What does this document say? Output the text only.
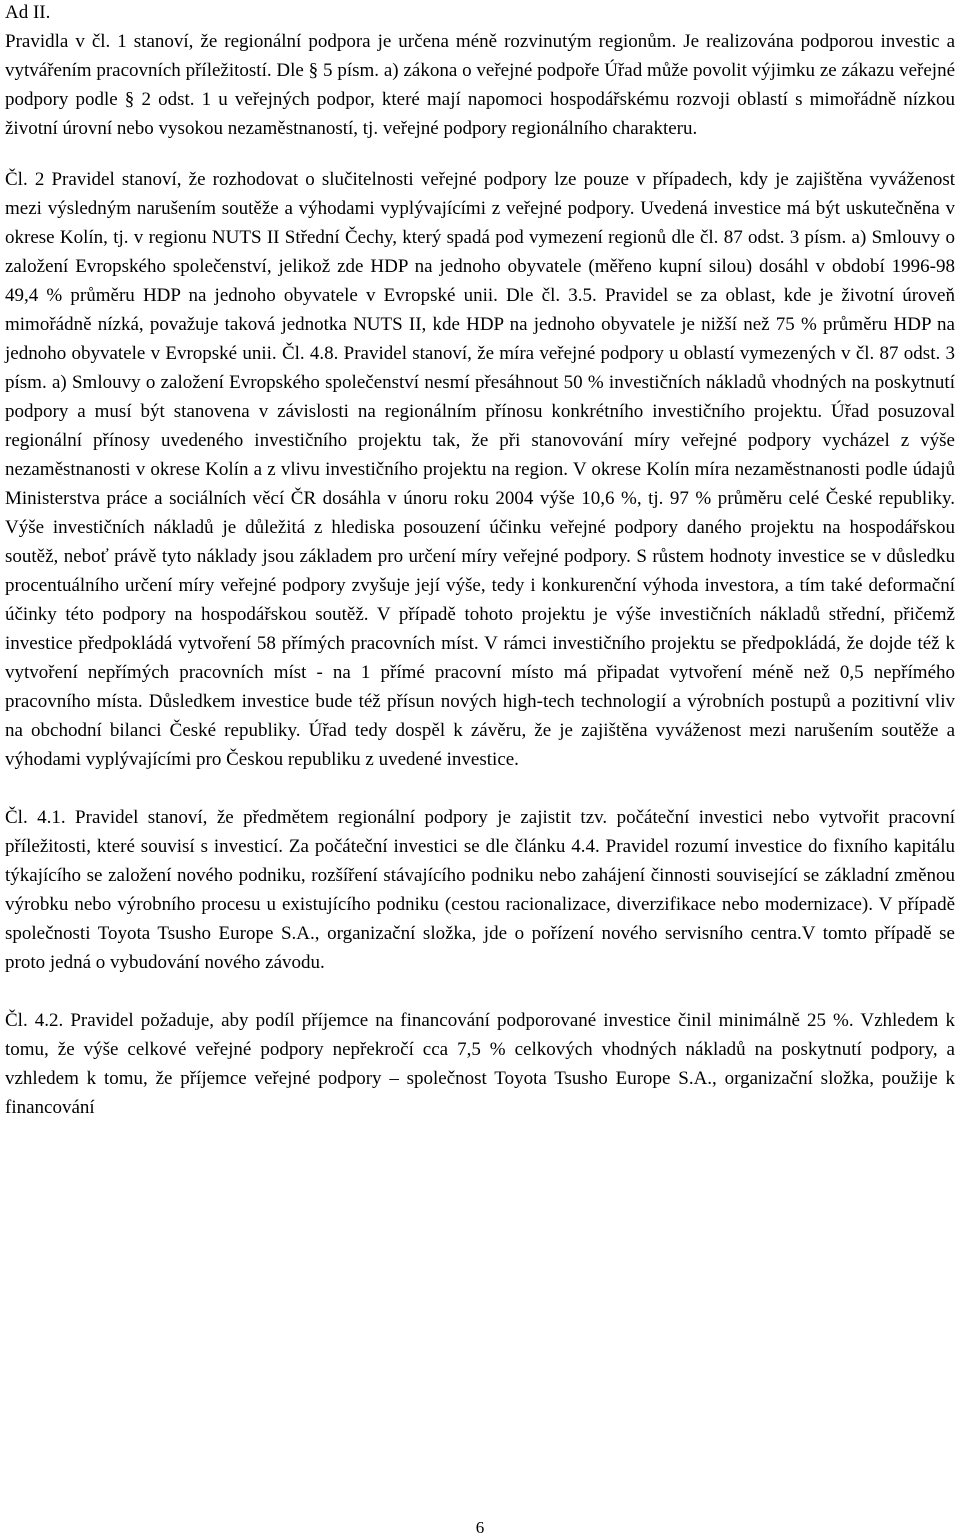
Ad II.

Pravidla v čl. 1 stanoví, že regionální podpora je určena méně rozvinutým regionům. Je realizována podporou investic a vytvářením pracovních příležitostí. Dle § 5 písm. a) zákona o veřejné podpoře Úřad může povolit výjimku ze zákazu veřejné podpory podle § 2 odst. 1 u veřejných podpor, které mají napomoci hospodářskému rozvoji oblastí s mimořádně nízkou životní úrovní nebo vysokou nezaměstnaností, tj. veřejné podpory regionálního charakteru.

Čl. 2 Pravidel stanoví, že rozhodovat o slučitelnosti veřejné podpory lze pouze v případech, kdy je zajištěna vyváženost mezi výsledným narušením soutěže a výhodami vyplývajícími z veřejné podpory. Uvedená investice má být uskutečněna v okrese Kolín, tj. v regionu NUTS II Střední Čechy, který spadá pod vymezení regionů dle čl. 87 odst. 3 písm. a) Smlouvy o založení Evropského společenství, jelikož zde HDP na jednoho obyvatele (měřeno kupní silou) dosáhl v období 1996-98 49,4 % průměru HDP na jednoho obyvatele v Evropské unii. Dle čl. 3.5. Pravidel se za oblast, kde je životní úroveň mimořádně nízká, považuje taková jednotka NUTS II, kde HDP na jednoho obyvatele je nižší než 75 % průměru HDP na jednoho obyvatele v Evropské unii. Čl. 4.8. Pravidel stanoví, že míra veřejné podpory u oblastí vymezených v čl. 87 odst. 3 písm. a) Smlouvy o založení Evropského společenství nesmí přesáhnout 50 % investičních nákladů vhodných na poskytnutí podpory a musí být stanovena v závislosti na regionálním přínosu konkrétního investičního projektu. Úřad posuzoval regionální přínosy uvedeného investičního projektu tak, že při stanovování míry veřejné podpory vycházel z výše nezaměstnanosti v okrese Kolín a z vlivu investičního projektu na region. V okrese Kolín míra nezaměstnanosti podle údajů Ministerstva práce a sociálních věcí ČR dosáhla v únoru roku 2004 výše 10,6 %, tj. 97 % průměru celé České republiky. Výše investičních nákladů je důležitá z hlediska posouzení účinku veřejné podpory daného projektu na hospodářskou soutěž, neboť právě tyto náklady jsou základem pro určení míry veřejné podpory. S růstem hodnoty investice se v důsledku procentuálního určení míry veřejné podpory zvyšuje její výše, tedy i konkurenční výhoda investora, a tím také deformační účinky této podpory na hospodářskou soutěž. V případě tohoto projektu je výše investičních nákladů střední, přičemž investice předpokládá vytvoření 58 přímých pracovních míst. V rámci investičního projektu se předpokládá, že dojde též k vytvoření nepřímých pracovních míst - na 1 přímé pracovní místo má připadat vytvoření méně než 0,5 nepřímého pracovního místa. Důsledkem investice bude též přísun nových high-tech technologií a výrobních postupů a pozitivní vliv na obchodní bilanci České republiky. Úřad tedy dospěl k závěru, že je zajištěna vyváženost mezi narušením soutěže a výhodami vyplývajícími pro Českou republiku z uvedené investice.

Čl. 4.1. Pravidel stanoví, že předmětem regionální podpory je zajistit tzv. počáteční investici nebo vytvořit pracovní příležitosti, které souvisí s investicí. Za počáteční investici se dle článku 4.4. Pravidel rozumí investice do fixního kapitálu týkajícího se založení nového podniku, rozšíření stávajícího podniku nebo zahájení činnosti související se základní změnou výrobku nebo výrobního procesu u existujícího podniku (cestou racionalizace, diverzifikace nebo modernizace). V případě společnosti Toyota Tsusho Europe S.A., organizační složka, jde o pořízení nového servisního centra.V tomto případě se proto jedná o vybudování nového závodu.

Čl. 4.2. Pravidel požaduje, aby podíl příjemce na financování podporované investice činil minimálně 25 %. Vzhledem k tomu, že výše celkové veřejné podpory nepřekročí cca 7,5 % celkových vhodných nákladů na poskytnutí podpory, a vzhledem k tomu, že příjemce veřejné podpory – společnost Toyota Tsusho Europe S.A., organizační složka, použije k financování

6
